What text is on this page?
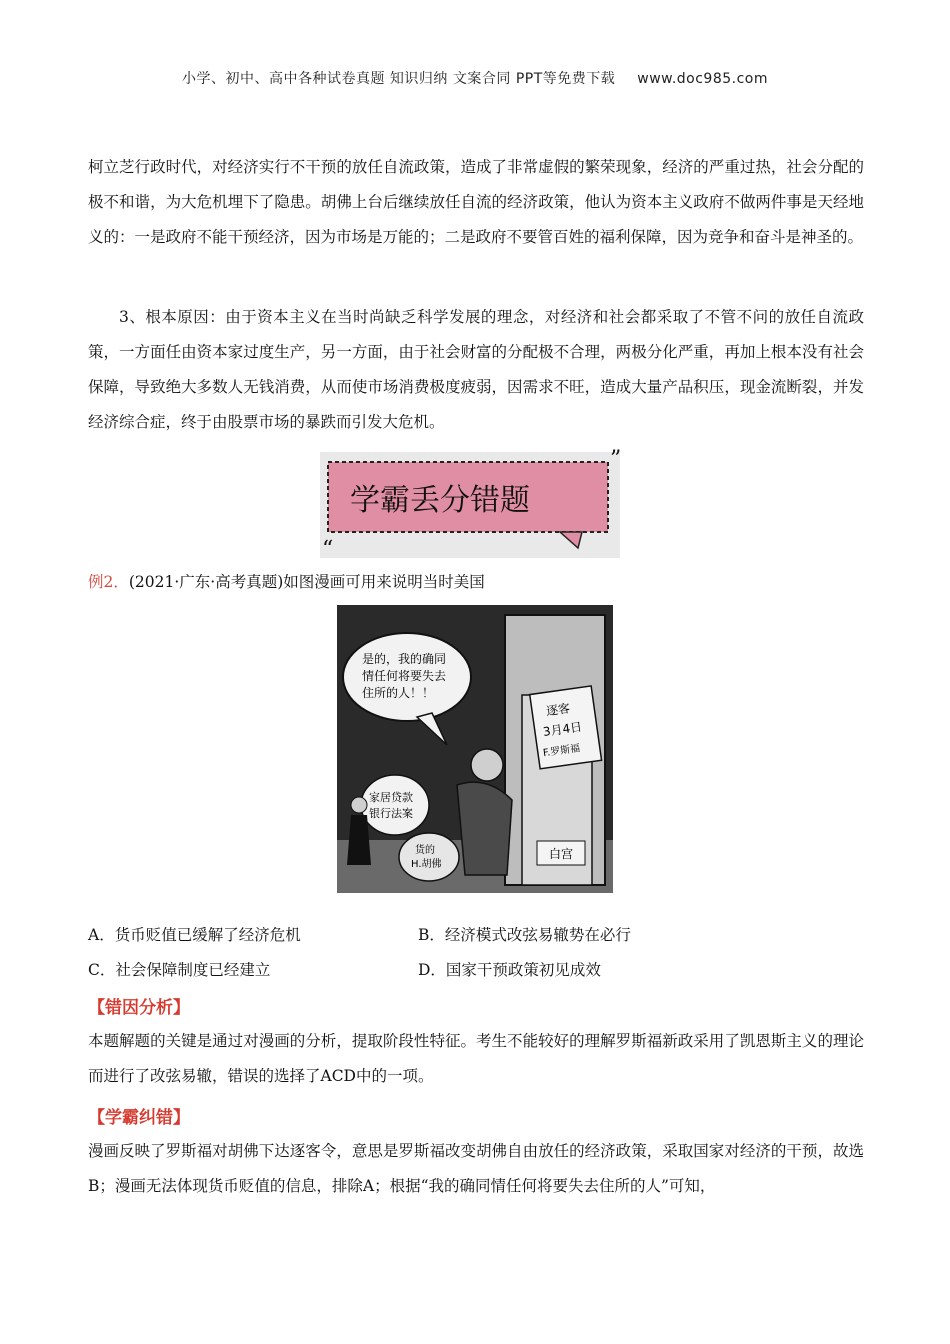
小学、初中、高中各种试卷真题 知识归纳 文案合同 PPT等免费下载 www.doc985.com
柯立芝行政时代，对经济实行不干预的放任自流政策，造成了非常虚假的繁荣现象，经济的严重过热，社会分配的极不和谐，为大危机埋下了隐患。胡佛上台后继续放任自流的经济政策，他认为资本主义政府不做两件事是天经地义的：一是政府不能干预经济，因为市场是万能的；二是政府不要管百姓的福利保障，因为竞争和奋斗是神圣的。
3、根本原因：由于资本主义在当时尚缺乏科学发展的理念，对经济和社会都采取了不管不问的放任自流政策，一方面任由资本家过度生产，另一方面，由于社会财富的分配极不合理，两极分化严重，再加上根本没有社会保障，导致绝大多数人无钱消费，从而使市场消费极度疲弱，因需求不旺，造成大量产品积压，现金流断裂，并发经济综合症，终于由股票市场的暴跌而引发大危机。
”
“
学霸丢分错题
例2．(2021·广东·高考真题)如图漫画可用来说明当时美国
是的，我的确同
情任何将要失去
住所的人！！
逐客
3月4日
F.罗斯福
家居贷款
银行法案
货的
H.胡佛
白宫
A．货币贬值已缓解了经济危机	B．经济模式改弦易辙势在必行
C．社会保障制度已经建立	D．国家干预政策初见成效
【错因分析】
本题解题的关键是通过对漫画的分析，提取阶段性特征。考生不能较好的理解罗斯福新政采用了凯恩斯主义的理论而进行了改弦易辙，错误的选择了ACD中的一项。
【学霸纠错】
漫画反映了罗斯福对胡佛下达逐客令，意思是罗斯福改变胡佛自由放任的经济政策，采取国家对经济的干预，故选B；漫画无法体现货币贬值的信息，排除A；根据“我的确同情任何将要失去住所的人”可知，
